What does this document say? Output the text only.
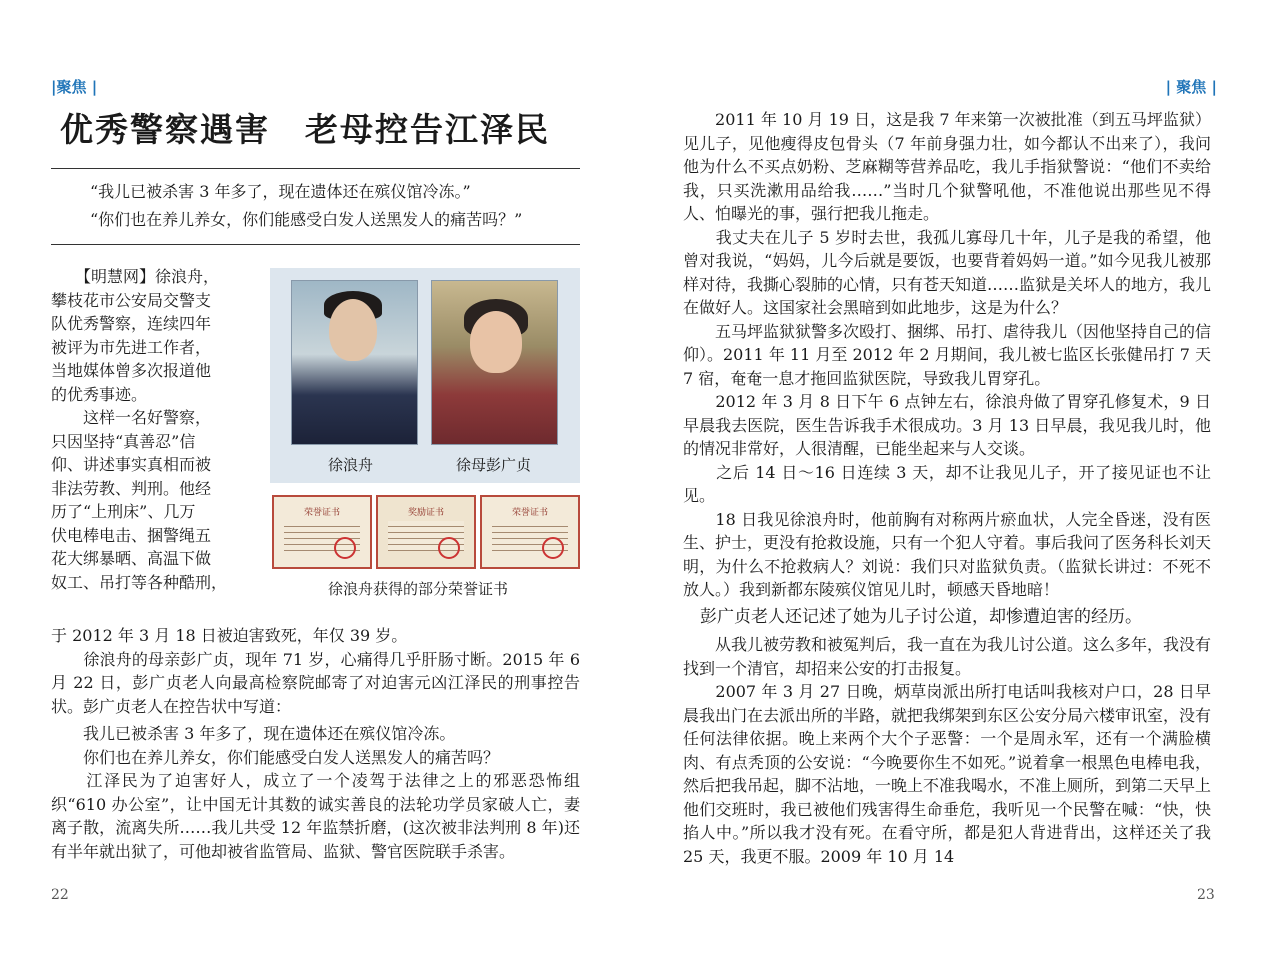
|聚焦 |
优秀警察遇害　老母控告江泽民
“我儿已被杀害 3 年多了，现在遗体还在殡仪馆冷冻。”
“你们也在养儿养女，你们能感受白发人送黑发人的痛苦吗？”
　　【明慧网】徐浪舟，
攀枝花市公安局交警支
队优秀警察，连续四年
被评为市先进工作者，
当地媒体曾多次报道他
的优秀事迹。
　　这样一名好警察，
只因坚持“真善忍”信
仰、讲述事实真相而被
非法劳教、判刑。他经
历了“上刑床”、几万
伏电棒电击、捆警绳五
花大绑暴晒、高温下做
奴工、吊打等各种酷刑，
徐浪舟	徐母彭广贞
荣誉证书	奖励证书	荣誉证书
徐浪舟获得的部分荣誉证书

于 2012 年 3 月 18 日被迫害致死，年仅 39 岁。

　　徐浪舟的母亲彭广贞，现年 71 岁，心痛得几乎肝肠寸断。2015 年 6 月 22 日，彭广贞老人向最高检察院邮寄了对迫害元凶江泽民的刑事控告状。彭广贞老人在控告状中写道：

　　我儿已被杀害 3 年多了，现在遗体还在殡仪馆冷冻。

　　你们也在养儿养女，你们能感受白发人送黑发人的痛苦吗？

　　江泽民为了迫害好人，成立了一个凌驾于法律之上的邪恶恐怖组织“610 办公室”，让中国无计其数的诚实善良的法轮功学员家破人亡，妻离子散，流离失所……我儿共受 12 年监禁折磨，(这次被非法判刑 8 年)还有半年就出狱了，可他却被省监管局、监狱、警官医院联手杀害。

22
| 聚焦 |

　　2011 年 10 月 19 日，这是我 7 年来第一次被批准（到五马坪监狱）见儿子，见他瘦得皮包骨头（7 年前身强力壮，如今都认不出来了），我问他为什么不买点奶粉、芝麻糊等营养品吃，我儿手指狱警说：“他们不卖给我，只买洗漱用品给我……”当时几个狱警吼他，不准他说出那些见不得人、怕曝光的事，强行把我儿拖走。

　　我丈夫在儿子 5 岁时去世，我孤儿寡母几十年，儿子是我的希望，他曾对我说，“妈妈，儿今后就是要饭，也要背着妈妈一道。”如今见我儿被那样对待，我撕心裂肺的心情，只有苍天知道……监狱是关坏人的地方，我儿在做好人。这国家社会黑暗到如此地步，这是为什么？

　　五马坪监狱狱警多次殴打、捆绑、吊打、虐待我儿（因他坚持自己的信仰）。2011 年 11 月至 2012 年 2 月期间，我儿被七监区长张健吊打 7 天 7 宿，奄奄一息才拖回监狱医院，导致我儿胃穿孔。

　　2012 年 3 月 8 日下午 6 点钟左右，徐浪舟做了胃穿孔修复术，9 日早晨我去医院，医生告诉我手术很成功。3 月 13 日早晨，我见我儿时，他的情况非常好，人很清醒，已能坐起来与人交谈。

　　之后 14 日～16 日连续 3 天，却不让我见儿子，开了接见证也不让见。

　　18 日我见徐浪舟时，他前胸有对称两片瘀血状，人完全昏迷，没有医生、护士，更没有抢救设施，只有一个犯人守着。事后我问了医务科长刘天明，为什么不抢救病人？刘说：我们只对监狱负责。（监狱长讲过：不死不放人。）我到新都东陵殡仪馆见儿时，顿感天昏地暗！

彭广贞老人还记述了她为儿子讨公道，却惨遭迫害的经历。

　　从我儿被劳教和被冤判后，我一直在为我儿讨公道。这么多年，我没有找到一个清官，却招来公安的打击报复。

　　2007 年 3 月 27 日晚，炳草岗派出所打电话叫我核对户口，28 日早晨我出门在去派出所的半路，就把我绑架到东区公安分局六楼审讯室，没有任何法律依据。晚上来两个大个子恶警：一个是周永军，还有一个满脸横肉、有点秃顶的公安说：“今晚要你生不如死。”说着拿一根黑色电棒电我，然后把我吊起，脚不沾地，一晚上不准我喝水，不准上厕所，到第二天早上他们交班时，我已被他们残害得生命垂危，我听见一个民警在喊：“快，快掐人中。”所以我才没有死。在看守所，都是犯人背进背出，这样还关了我 25 天，我更不服。2009 年 10 月 14

23
